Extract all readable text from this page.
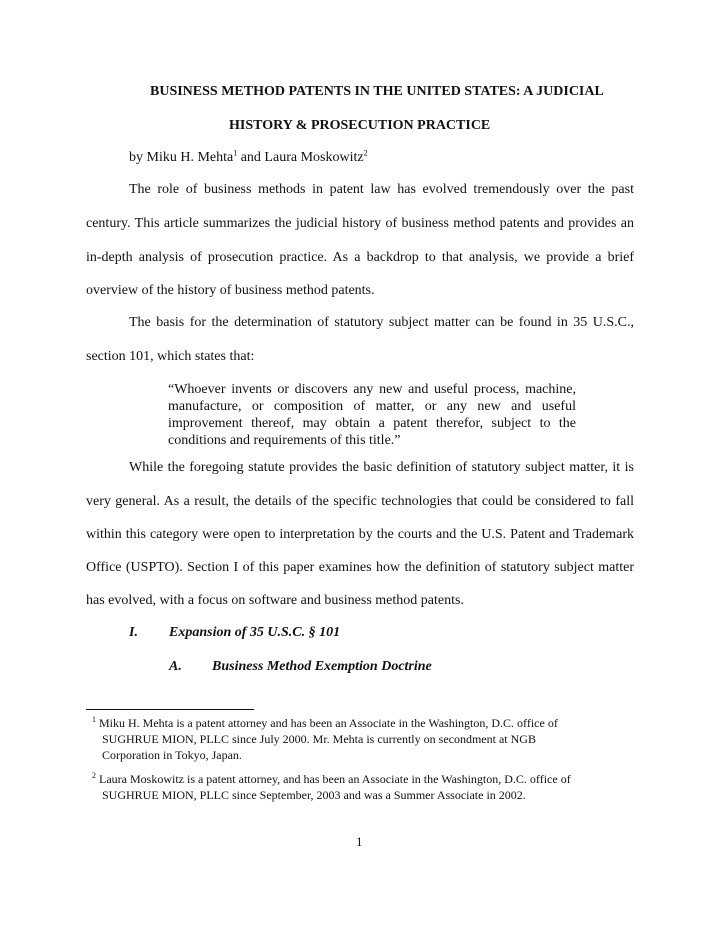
BUSINESS METHOD PATENTS IN THE UNITED STATES: A JUDICIAL
HISTORY & PROSECUTION PRACTICE
by Miku H. Mehta$^1$ and Laura Moskowitz$^2$
The role of business methods in patent law has evolved tremendously over the past
century. This article summarizes the judicial history of business method patents and provides an
in-depth analysis of prosecution practice. As a backdrop to that analysis, we provide a brief
overview of the history of business method patents.
The basis for the determination of statutory subject matter can be found in 35 U.S.C.,
section 101, which states that:
“Whoever invents or discovers any new and useful process, machine,
manufacture, or composition of matter, or any new and useful
improvement thereof, may obtain a patent therefor, subject to the
conditions and requirements of this title.”
While the foregoing statute provides the basic definition of statutory subject matter, it is
very general. As a result, the details of the specific technologies that could be considered to fall
within this category were open to interpretation by the courts and the U.S. Patent and Trademark
Office (USPTO). Section I of this paper examines how the definition of statutory subject matter
has evolved, with a focus on software and business method patents.
I. Expansion of 35 U.S.C. § 101
A. Business Method Exemption Doctrine
$^1$ Miku H. Mehta is a patent attorney and has been an Associate in the Washington, D.C. office of
SUGHRUE MION, PLLC since July 2000. Mr. Mehta is currently on secondment at NGB
Corporation in Tokyo, Japan.
$^2$ Laura Moskowitz is a patent attorney, and has been an Associate in the Washington, D.C. office of
SUGHRUE MION, PLLC since September, 2003 and was a Summer Associate in 2002.
1
